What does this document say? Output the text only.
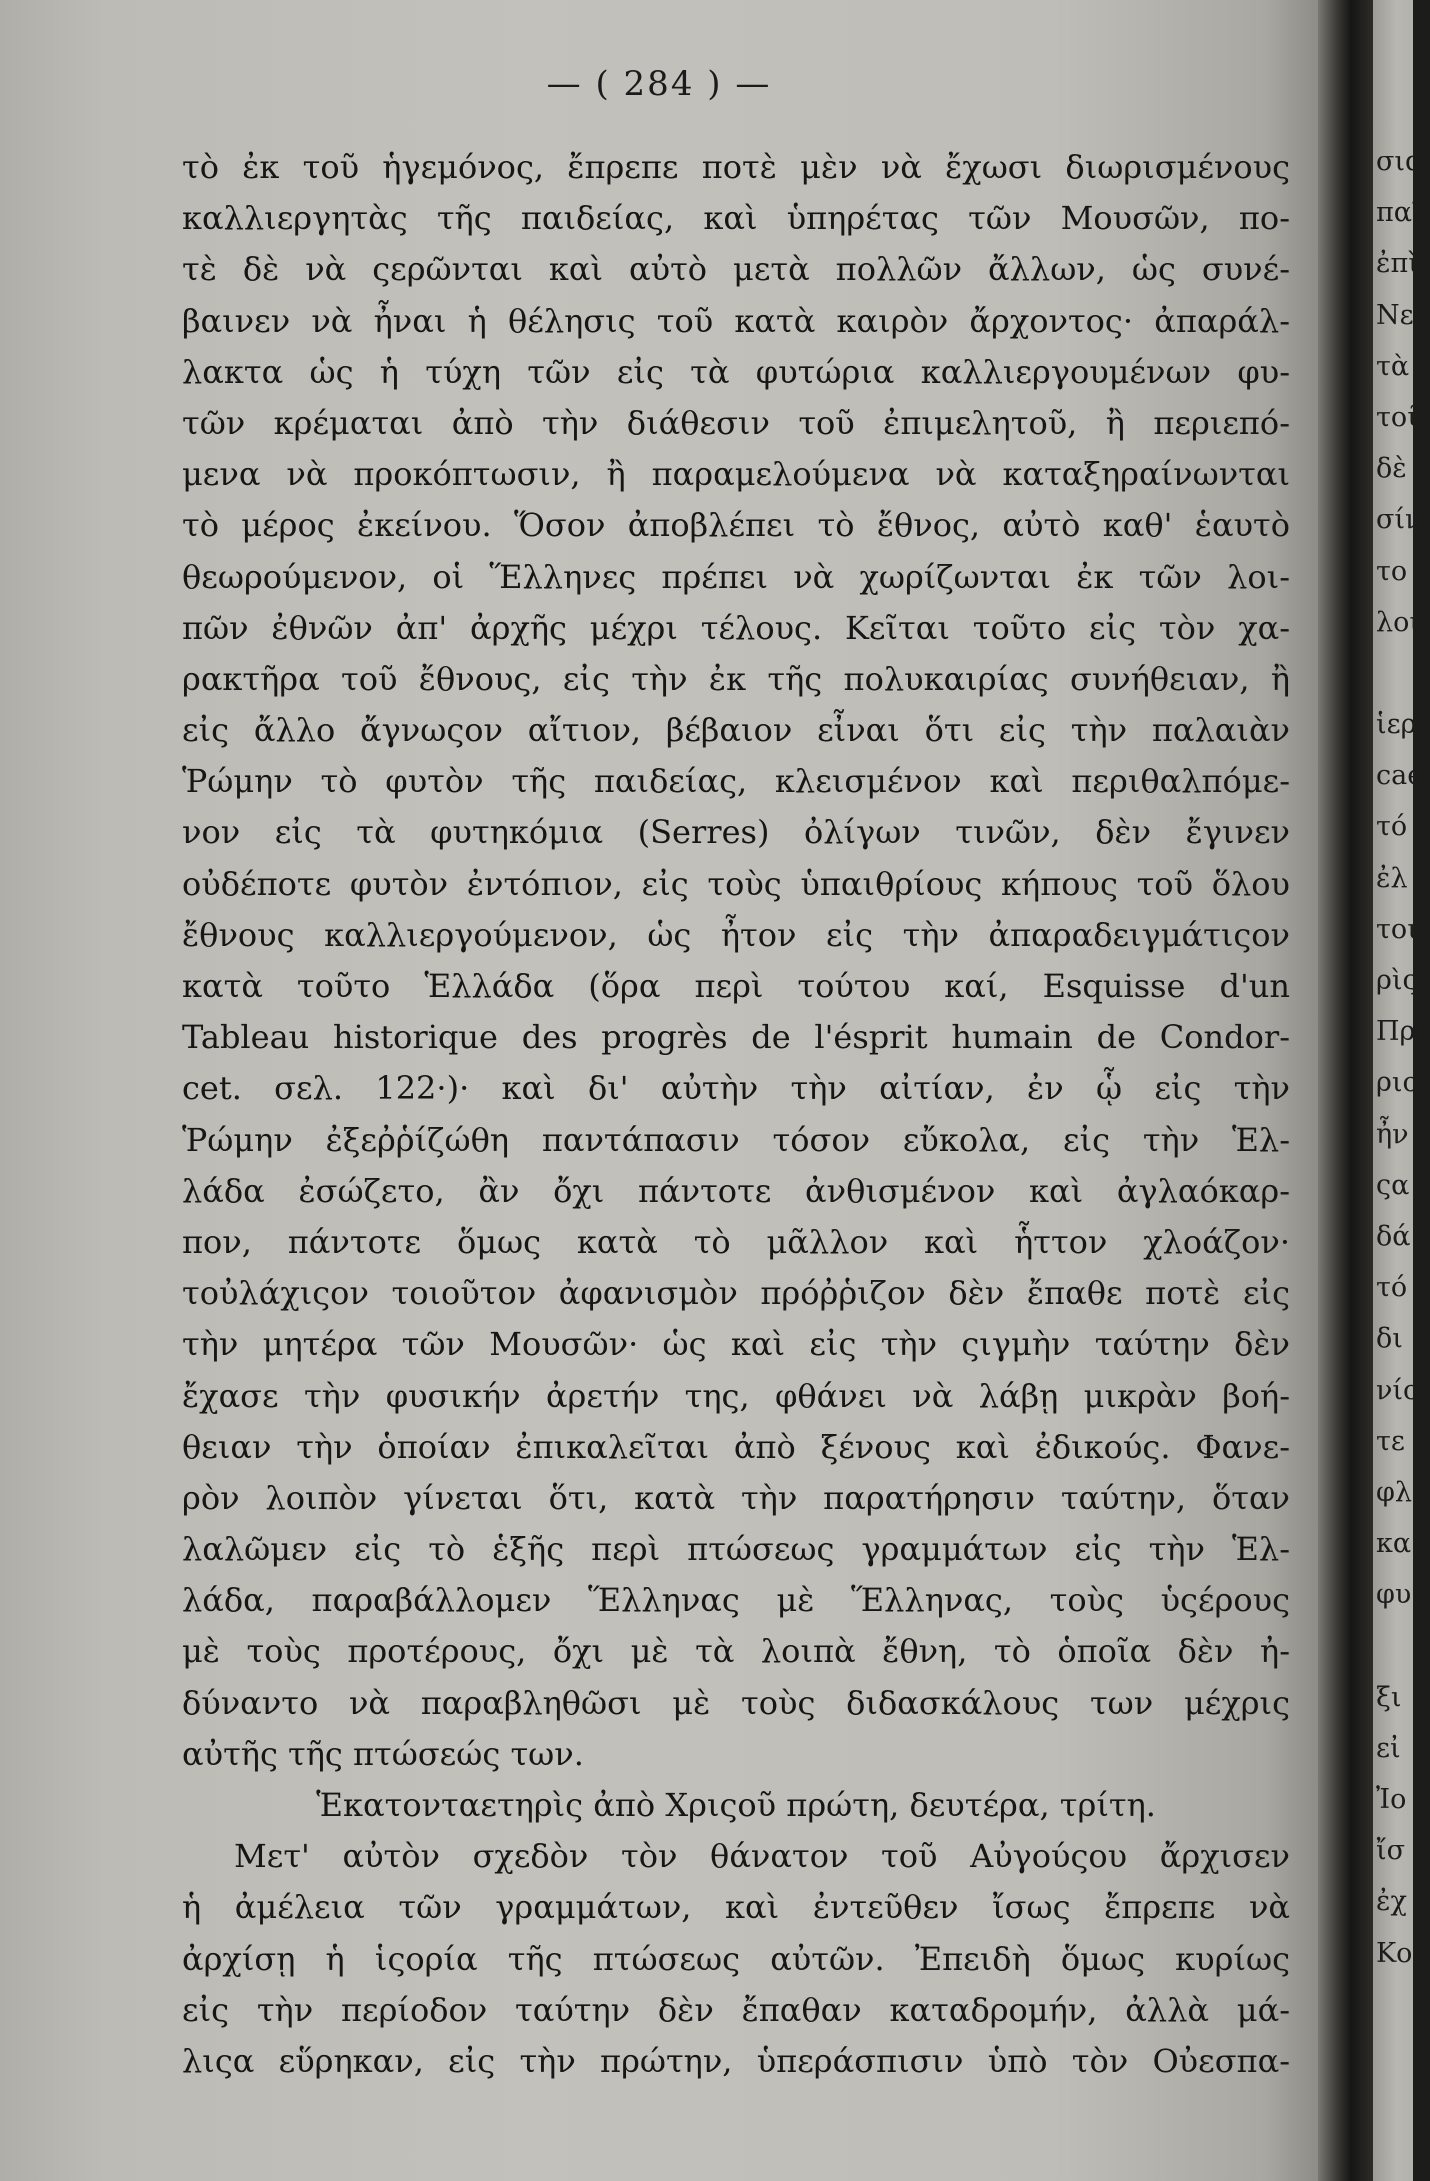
— ( 284 ) —
τὸ ἐκ τοῦ ἡγεμόνος, ἔπρεπε ποτὲ μὲν νὰ ἔχωσι διωρισμένους
καλλιεργητὰς τῆς παιδείας, καὶ ὑπηρέτας τῶν Μουσῶν, πο-
τὲ δὲ νὰ ςερῶνται καὶ αὐτὸ μετὰ πολλῶν ἄλλων, ὡς συνέ-
βαινεν νὰ ἦναι ἡ θέλησις τοῦ κατὰ καιρὸν ἄρχοντος· ἀπαράλ-
λακτα ὡς ἡ τύχη τῶν εἰς τὰ φυτώρια καλλιεργουμένων φυ-
τῶν κρέμαται ἀπὸ τὴν διάθεσιν τοῦ ἐπιμελητοῦ, ἢ περιεπό-
μενα νὰ προκόπτωσιν, ἢ παραμελούμενα νὰ καταξηραίνωνται
τὸ μέρος ἐκείνου. Ὅσον ἀποβλέπει τὸ ἔθνος, αὐτὸ καθ' ἑαυτὸ
θεωρούμενον, οἱ Ἕλληνες πρέπει νὰ χωρίζωνται ἐκ τῶν λοι-
πῶν ἐθνῶν ἀπ' ἀρχῆς μέχρι τέλους. Κεῖται τοῦτο εἰς τὸν χα-
ρακτῆρα τοῦ ἔθνους, εἰς τὴν ἐκ τῆς πολυκαιρίας συνήθειαν, ἢ
εἰς ἄλλο ἄγνωςον αἴτιον, βέβαιον εἶναι ὅτι εἰς τὴν παλαιὰν
Ῥώμην τὸ φυτὸν τῆς παιδείας, κλεισμένον καὶ περιθαλπόμε-
νον εἰς τὰ φυτηκόμια (Serres) ὀλίγων τινῶν, δὲν ἔγινεν
οὐδέποτε φυτὸν ἐντόπιον, εἰς τοὺς ὑπαιθρίους κήπους τοῦ ὅλου
ἔθνους καλλιεργούμενον, ὡς ἦτον εἰς τὴν ἀπαραδειγμάτιςον
κατὰ τοῦτο Ἑλλάδα (ὅρα περὶ τούτου καί, Esquisse d'un
Tableau historique des progrès de l'ésprit humain de Condor-
cet. σελ. 122·)· καὶ δι' αὐτὴν τὴν αἰτίαν, ἐν ᾧ εἰς τὴν
Ῥώμην ἐξεῤῥίζώθη παντάπασιν τόσον εὔκολα, εἰς τὴν Ἑλ-
λάδα ἐσώζετο, ἂν ὄχι πάντοτε ἀνθισμένον καὶ ἀγλαόκαρ-
πον, πάντοτε ὅμως κατὰ τὸ μᾶλλον καὶ ἧττον χλοάζον·
τοὐλάχιςον τοιοῦτον ἀφανισμὸν πρόῤῥιζον δὲν ἔπαθε ποτὲ εἰς
τὴν μητέρα τῶν Μουσῶν· ὡς καὶ εἰς τὴν ςιγμὴν ταύτην δὲν
ἔχασε τὴν φυσικήν ἀρετήν της, φθάνει νὰ λάβῃ μικρὰν βοή-
θειαν τὴν ὁποίαν ἐπικαλεῖται ἀπὸ ξένους καὶ ἐδικούς. Φανε-
ρὸν λοιπὸν γίνεται ὅτι, κατὰ τὴν παρατήρησιν ταύτην, ὅταν
λαλῶμεν εἰς τὸ ἑξῆς περὶ πτώσεως γραμμάτων εἰς τὴν Ἑλ-
λάδα, παραβάλλομεν Ἕλληνας μὲ Ἕλληνας, τοὺς ὑςέρους
μὲ τοὺς προτέρους, ὄχι μὲ τὰ λοιπὰ ἔθνη, τὸ ὁποῖα δὲν ἠ-
δύναντο νὰ παραβληθῶσι μὲ τοὺς διδασκάλους των μέχρις
αὐτῆς τῆς πτώσεώς των.
Ἑκατονταετηρὶς ἀπὸ Χριςοῦ πρώτη, δευτέρα, τρίτη.
Μετ' αὐτὸν σχεδὸν τὸν θάνατον τοῦ Αὐγούςου ἄρχισεν
ἡ ἀμέλεια τῶν γραμμάτων, καὶ ἐντεῦθεν ἴσως ἔπρεπε νὰ
ἀρχίσῃ ἡ ἱςορία τῆς πτώσεως αὐτῶν. Ἐπειδὴ ὅμως κυρίως
εἰς τὴν περίοδον ταύτην δὲν ἔπαθαν καταδρομήν, ἀλλὰ μά-
λιςα εὕρηκαν, εἰς τὴν πρώτην, ὑπεράσπισιν ὑπὸ τὸν Οὐεσπα-
σια
παῖ
ἐπὶ
Νερ
τὰ
τοῦ
δὲ
σίν
το
λοι
ἱερ
cae
τό
ἐλ
τοι
ρὶς
Πρ
ριο
ἦν
ςα
δά
τό
δι
νίο
τε
φλ
κα
φυ
ξι
εἰ
Ἰο
ἴσ
ἐχ
Κο
